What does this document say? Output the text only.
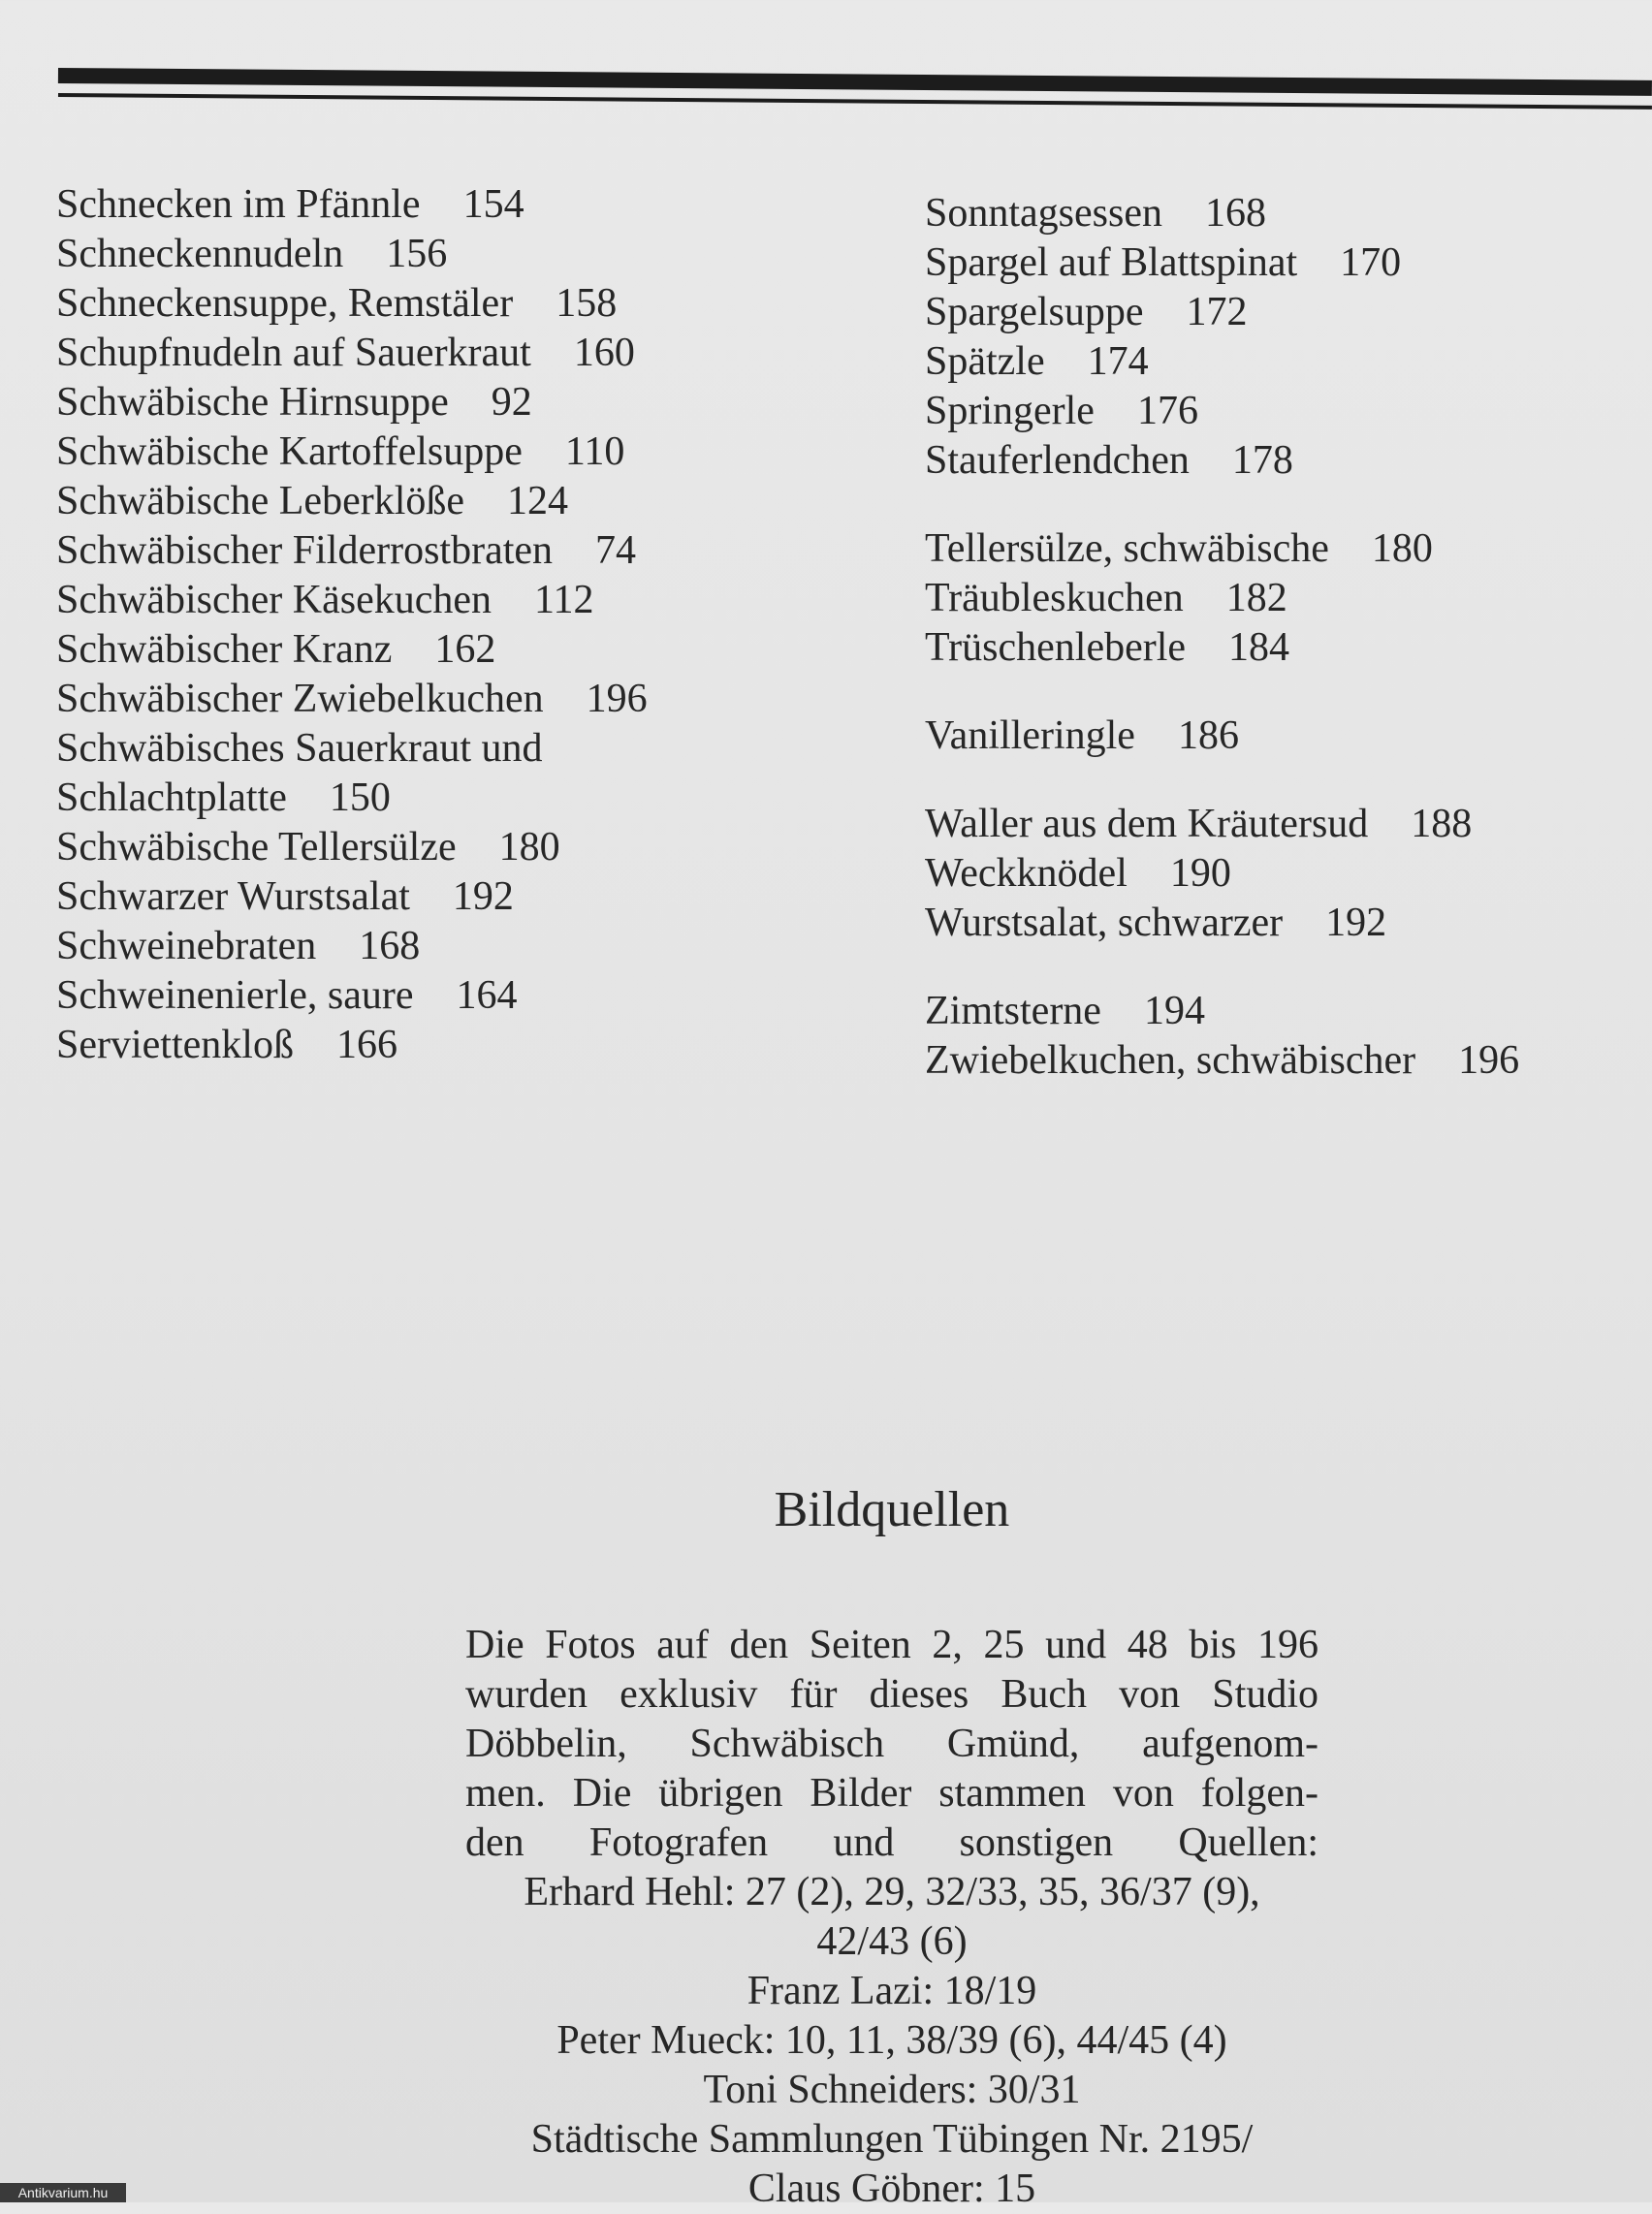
Schnecken im Pfännle 154
Schneckennudeln 156
Schneckensuppe, Remstäler 158
Schupfnudeln auf Sauerkraut 160
Schwäbische Hirnsuppe 92
Schwäbische Kartoffelsuppe 110
Schwäbische Leberklöße 124
Schwäbischer Filderrostbraten 74
Schwäbischer Käsekuchen 112
Schwäbischer Kranz 162
Schwäbischer Zwiebelkuchen 196
Schwäbisches Sauerkraut und
Schlachtplatte 150
Schwäbische Tellersülze 180
Schwarzer Wurstsalat 192
Schweinebraten 168
Schweinenierle, saure 164
Serviettenkloß 166
Sonntagsessen 168
Spargel auf Blattspinat 170
Spargelsuppe 172
Spätzle 174
Springerle 176
Stauferlendchen 178
Tellersülze, schwäbische 180
Träubleskuchen 182
Trüschenleberle 184
Vanilleringle 186
Waller aus dem Kräutersud 188
Weckknödel 190
Wurstsalat, schwarzer 192
Zimtsterne 194
Zwiebelkuchen, schwäbischer 196
Bildquellen
Die Fotos auf den Seiten 2, 25 und 48 bis 196
wurden exklusiv für dieses Buch von Studio
Döbbelin, Schwäbisch Gmünd, aufgenom-
men. Die übrigen Bilder stammen von folgen-
den Fotografen und sonstigen Quellen:
Erhard Hehl: 27 (2), 29, 32/33, 35, 36/37 (9),
42/43 (6)
Franz Lazi: 18/19
Peter Mueck: 10, 11, 38/39 (6), 44/45 (4)
Toni Schneiders: 30/31
Städtische Sammlungen Tübingen Nr. 2195/
Claus Göbner: 15
Antikvarium.hu
